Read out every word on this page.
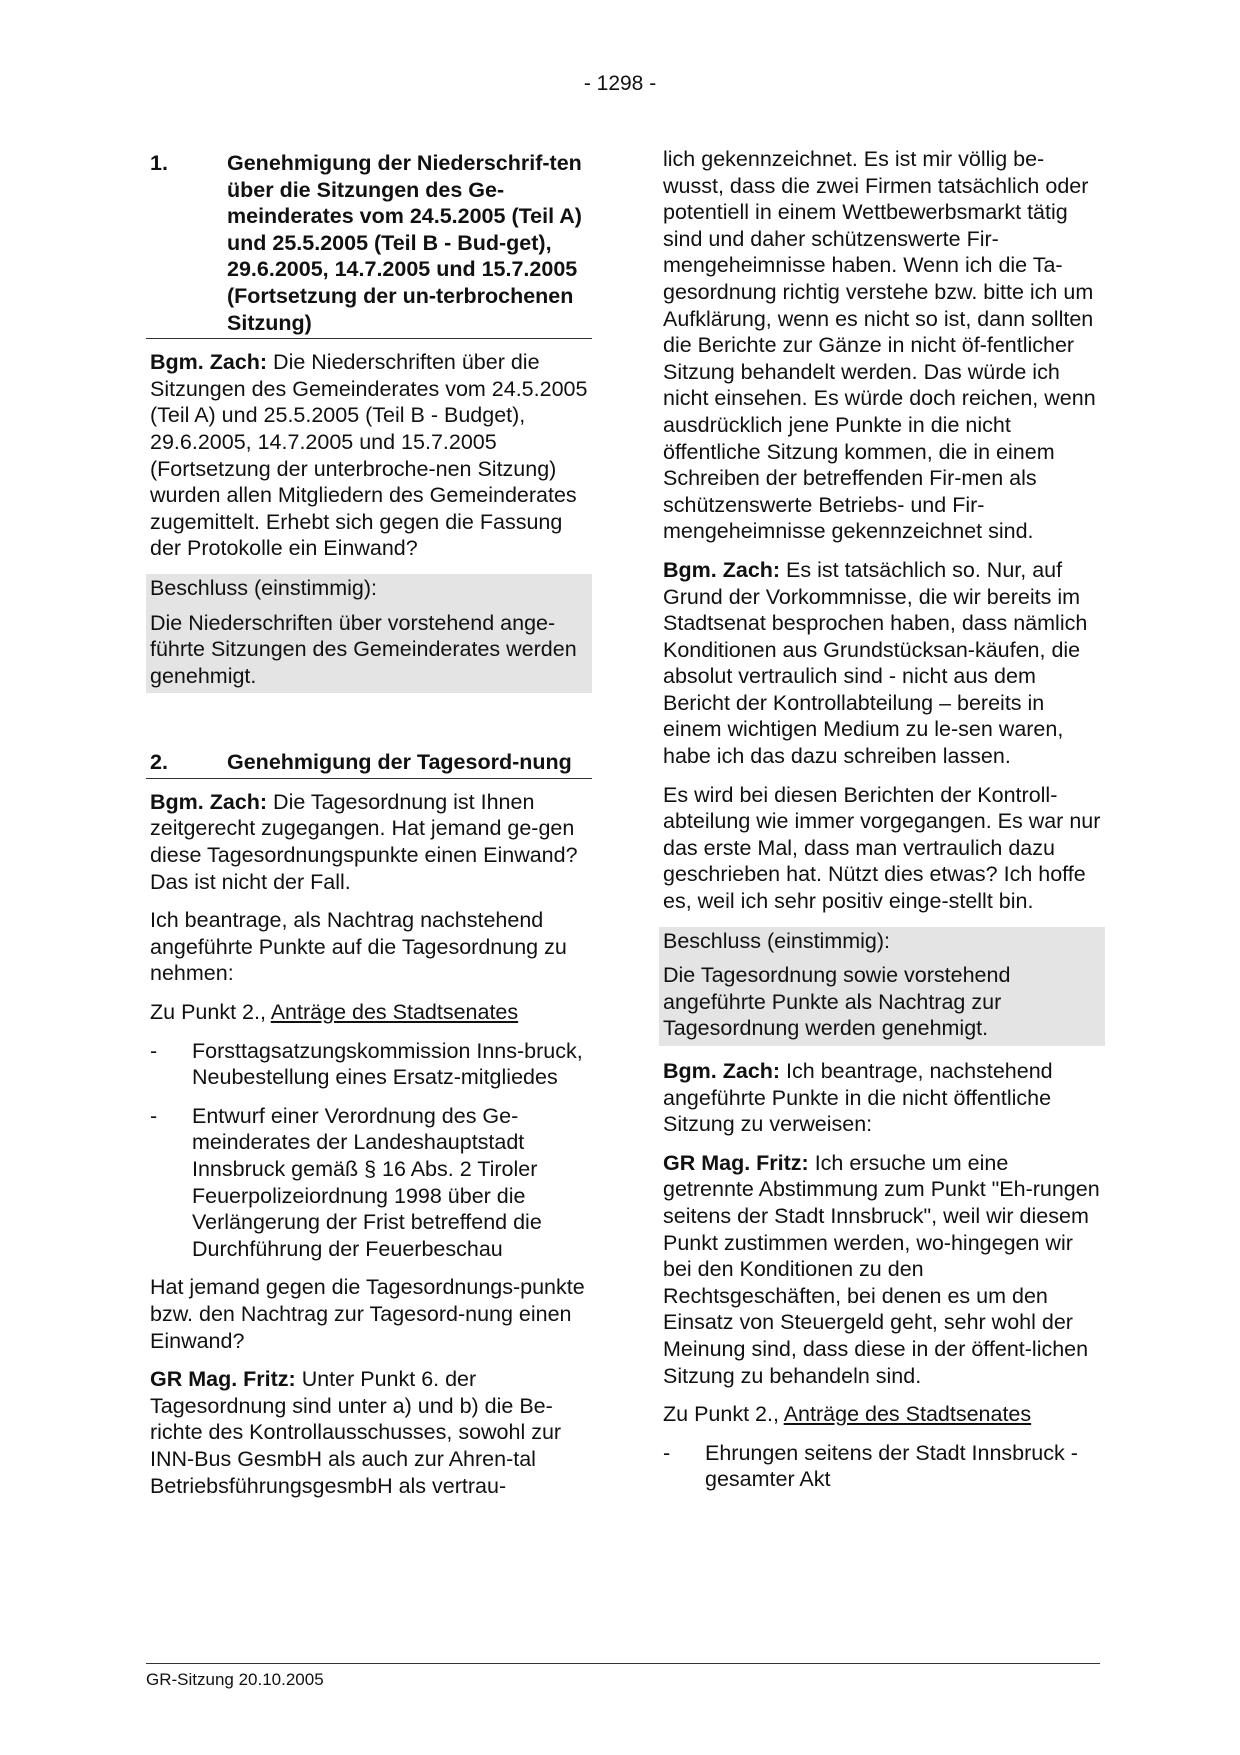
- 1298 -
1.	Genehmigung der Niederschrif-ten über die Sitzungen des Ge-meinderates vom 24.5.2005 (Teil A) und 25.5.2005 (Teil B - Bud-get), 29.6.2005, 14.7.2005 und 15.7.2005 (Fortsetzung der un-terbrochenen Sitzung)

Bgm. Zach: Die Niederschriften über die Sitzungen des Gemeinderates vom 24.5.2005 (Teil A) und 25.5.2005 (Teil B - Budget), 29.6.2005, 14.7.2005 und 15.7.2005 (Fortsetzung der unterbroche-nen Sitzung) wurden allen Mitgliedern des Gemeinderates zugemittelt. Erhebt sich gegen die Fassung der Protokolle ein Einwand?

Beschluss (einstimmig):
Die Niederschriften über vorstehend ange-führte Sitzungen des Gemeinderates werden genehmigt.
2.	Genehmigung der Tagesord-nung

Bgm. Zach: Die Tagesordnung ist Ihnen zeitgerecht zugegangen. Hat jemand ge-gen diese Tagesordnungspunkte einen Einwand? Das ist nicht der Fall.

Ich beantrage, als Nachtrag nachstehend angeführte Punkte auf die Tagesordnung zu nehmen:

Zu Punkt 2., Anträge des Stadtsenates

-	Forsttagsatzungskommission Inns-bruck, Neubestellung eines Ersatz-mitgliedes
-	Entwurf einer Verordnung des Ge-meinderates der Landeshauptstadt Innsbruck gemäß § 16 Abs. 2 Tiroler Feuerpolizeiordnung 1998 über die Verlängerung der Frist betreffend die Durchführung der Feuerbeschau

Hat jemand gegen die Tagesordnungs-punkte bzw. den Nachtrag zur Tagesord-nung einen Einwand?

GR Mag. Fritz: Unter Punkt 6. der Tagesordnung sind unter a) und b) die Be-richte des Kontrollausschusses, sowohl zur INN-Bus GesmbH als auch zur Ahren-tal BetriebsführungsgesmbH als vertrau-

lich gekennzeichnet. Es ist mir völlig be-wusst, dass die zwei Firmen tatsächlich oder potentiell in einem Wettbewerbsmarkt tätig sind und daher schützenswerte Fir-mengeheimnisse haben. Wenn ich die Ta-gesordnung richtig verstehe bzw. bitte ich um Aufklärung, wenn es nicht so ist, dann sollten die Berichte zur Gänze in nicht öf-fentlicher Sitzung behandelt werden. Das würde ich nicht einsehen. Es würde doch reichen, wenn ausdrücklich jene Punkte in die nicht öffentliche Sitzung kommen, die in einem Schreiben der betreffenden Fir-men als schützenswerte Betriebs- und Fir-mengeheimnisse gekennzeichnet sind.

Bgm. Zach: Es ist tatsächlich so. Nur, auf Grund der Vorkommnisse, die wir bereits im Stadtsenat besprochen haben, dass nämlich Konditionen aus Grundstücksan-käufen, die absolut vertraulich sind - nicht aus dem Bericht der Kontrollabteilung – bereits in einem wichtigen Medium zu le-sen waren, habe ich das dazu schreiben lassen.

Es wird bei diesen Berichten der Kontroll-abteilung wie immer vorgegangen. Es war nur das erste Mal, dass man vertraulich dazu geschrieben hat. Nützt dies etwas? Ich hoffe es, weil ich sehr positiv einge-stellt bin.

Beschluss (einstimmig):
Die Tagesordnung sowie vorstehend angeführte Punkte als Nachtrag zur Tagesordnung werden genehmigt.

Bgm. Zach: Ich beantrage, nachstehend angeführte Punkte in die nicht öffentliche Sitzung zu verweisen:

GR Mag. Fritz: Ich ersuche um eine getrennte Abstimmung zum Punkt "Eh-rungen seitens der Stadt Innsbruck", weil wir diesem Punkt zustimmen werden, wo-hingegen wir bei den Konditionen zu den Rechtsgeschäften, bei denen es um den Einsatz von Steuergeld geht, sehr wohl der Meinung sind, dass diese in der öffent-lichen Sitzung zu behandeln sind.

Zu Punkt 2., Anträge des Stadtsenates

-	Ehrungen seitens der Stadt Innsbruck - gesamter Akt
GR-Sitzung 20.10.2005
